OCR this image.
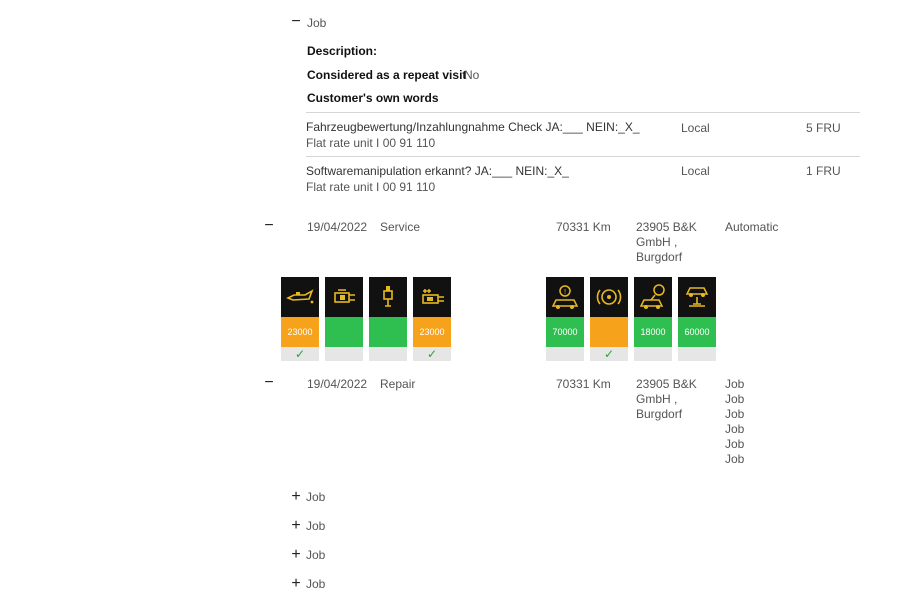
− Job
Description:
Considered as a repeat visit
No
Customer's own words
Fahrzeugbewertung/Inzahlungnahme Check JA:___ NEIN:_X_
Flat rate unit I 00 91 110
Local	5 FRU
Softwaremanipulation erkannt? JA:___ NEIN:_X_
Flat rate unit I 00 91 110
Local	1 FRU
−	19/04/2022 Service	70331 Km 23905 B&K
GmbH ,
Burgdorf
Automatic
23000
✓
23000
✓
!
70000
✓
18000	60000
−	19/04/2022 Repair	70331 Km 23905 B&K
GmbH ,
Burgdorf
Job
Job
Job
Job
Job
Job
+ Job
+ Job
+ Job
+ Job
